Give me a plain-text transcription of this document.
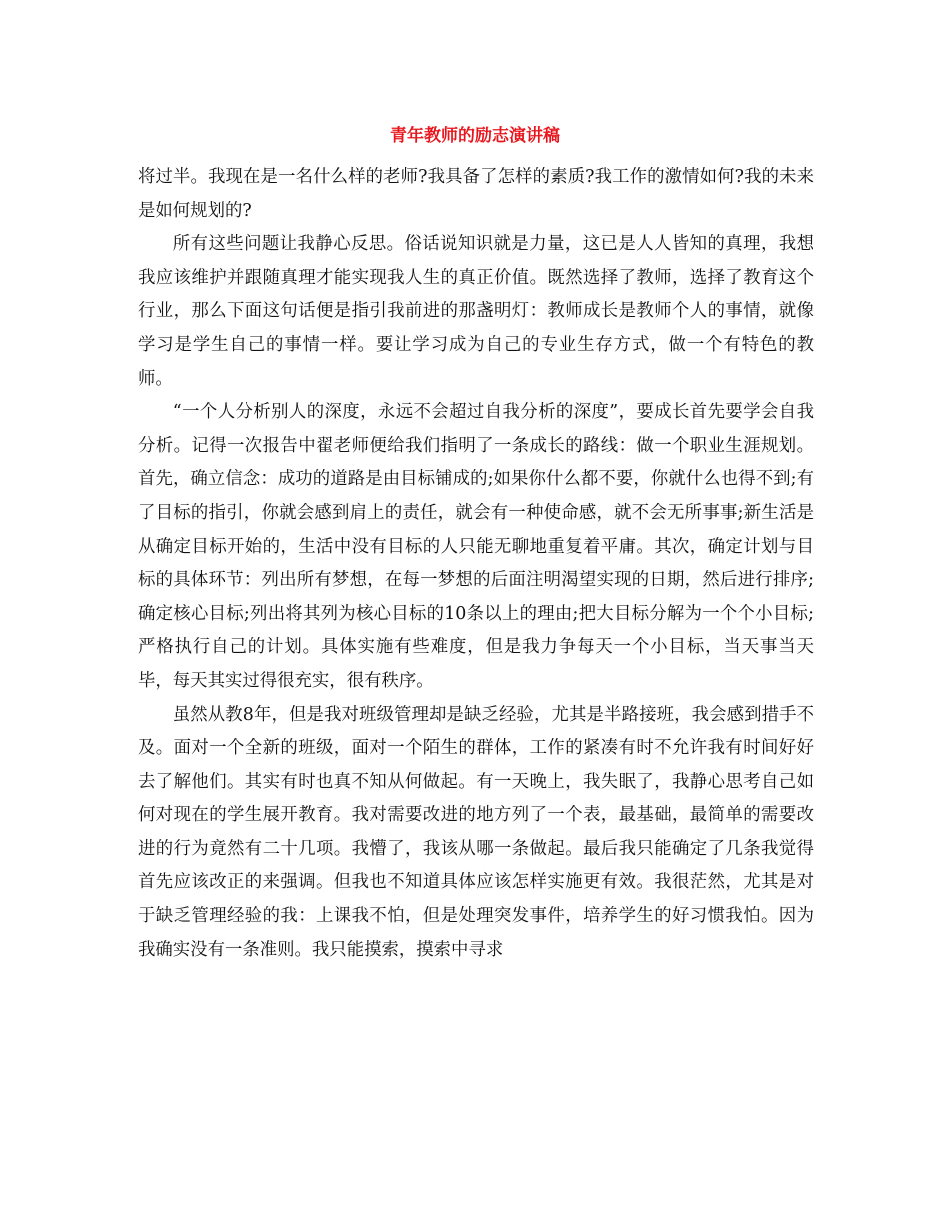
青年教师的励志演讲稿

将过半。我现在是一名什么样的老师?我具备了怎样的素质?我工作的激情如何?我的未来是如何规划的?

所有这些问题让我静心反思。俗话说知识就是力量，这已是人人皆知的真理，我想我应该维护并跟随真理才能实现我人生的真正价值。既然选择了教师，选择了教育这个行业，那么下面这句话便是指引我前进的那盏明灯：教师成长是教师个人的事情，就像学习是学生自己的事情一样。要让学习成为自己的专业生存方式，做一个有特色的教师。

“一个人分析别人的深度，永远不会超过自我分析的深度”，要成长首先要学会自我分析。记得一次报告中翟老师便给我们指明了一条成长的路线：做一个职业生涯规划。首先，确立信念：成功的道路是由目标铺成的;如果你什么都不要，你就什么也得不到;有了目标的指引，你就会感到肩上的责任，就会有一种使命感，就不会无所事事;新生活是从确定目标开始的，生活中没有目标的人只能无聊地重复着平庸。其次，确定计划与目标的具体环节：列出所有梦想，在每一梦想的后面注明渴望实现的日期，然后进行排序;确定核心目标;列出将其列为核心目标的10条以上的理由;把大目标分解为一个个小目标;严格执行自己的计划。具体实施有些难度，但是我力争每天一个小目标，当天事当天毕，每天其实过得很充实，很有秩序。

虽然从教8年，但是我对班级管理却是缺乏经验，尤其是半路接班，我会感到措手不及。面对一个全新的班级，面对一个陌生的群体，工作的紧凑有时不允许我有时间好好去了解他们。其实有时也真不知从何做起。有一天晚上，我失眠了，我静心思考自己如何对现在的学生展开教育。我对需要改进的地方列了一个表，最基础，最简单的需要改进的行为竟然有二十几项。我懵了，我该从哪一条做起。最后我只能确定了几条我觉得首先应该改正的来强调。但我也不知道具体应该怎样实施更有效。我很茫然，尤其是对于缺乏管理经验的我：上课我不怕，但是处理突发事件，培养学生的好习惯我怕。因为我确实没有一条准则。我只能摸索，摸索中寻求
